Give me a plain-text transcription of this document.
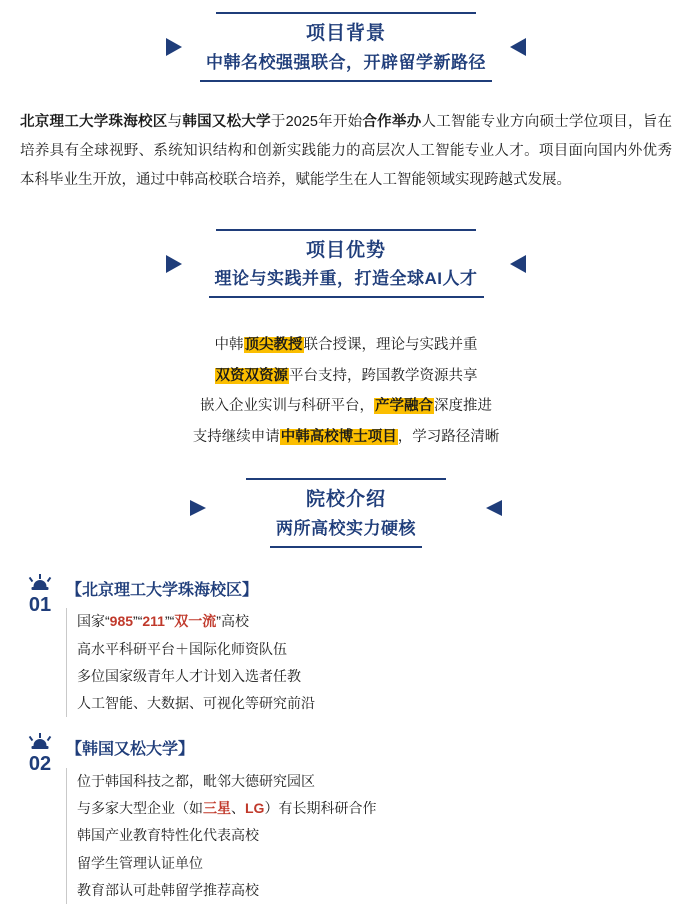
项目背景
中韩名校强强联合，开辟留学新路径
北京理工大学珠海校区与韩国又松大学于2025年开始合作举办人工智能专业方向硕士学位项目，旨在培养具有全球视野、系统知识结构和创新实践能力的高层次人工智能专业人才。项目面向国内外优秀本科毕业生开放，通过中韩高校联合培养，赋能学生在人工智能领域实现跨越式发展。
项目优势
理论与实践并重，打造全球AI人才
中韩顶尖教授联合授课，理论与实践并重
双资双资源平台支持，跨国教学资源共享
嵌入企业实训与科研平台，产学融合深度推进
支持继续申请中韩高校博士项目，学习路径清晰
院校介绍
两所高校实力硬核
01
【北京理工大学珠海校区】
国家“985”“211”“双一流”高校
高水平科研平台＋国际化师资队伍
多位国家级青年人才计划入选者任教
人工智能、大数据、可视化等研究前沿
02
【韩国又松大学】
位于韩国科技之都，毗邻大德研究园区
与多家大型企业（如三星、LG）有长期科研合作
韩国产业教育特性化代表高校
留学生管理认证单位
教育部认可赴韩留学推荐高校
